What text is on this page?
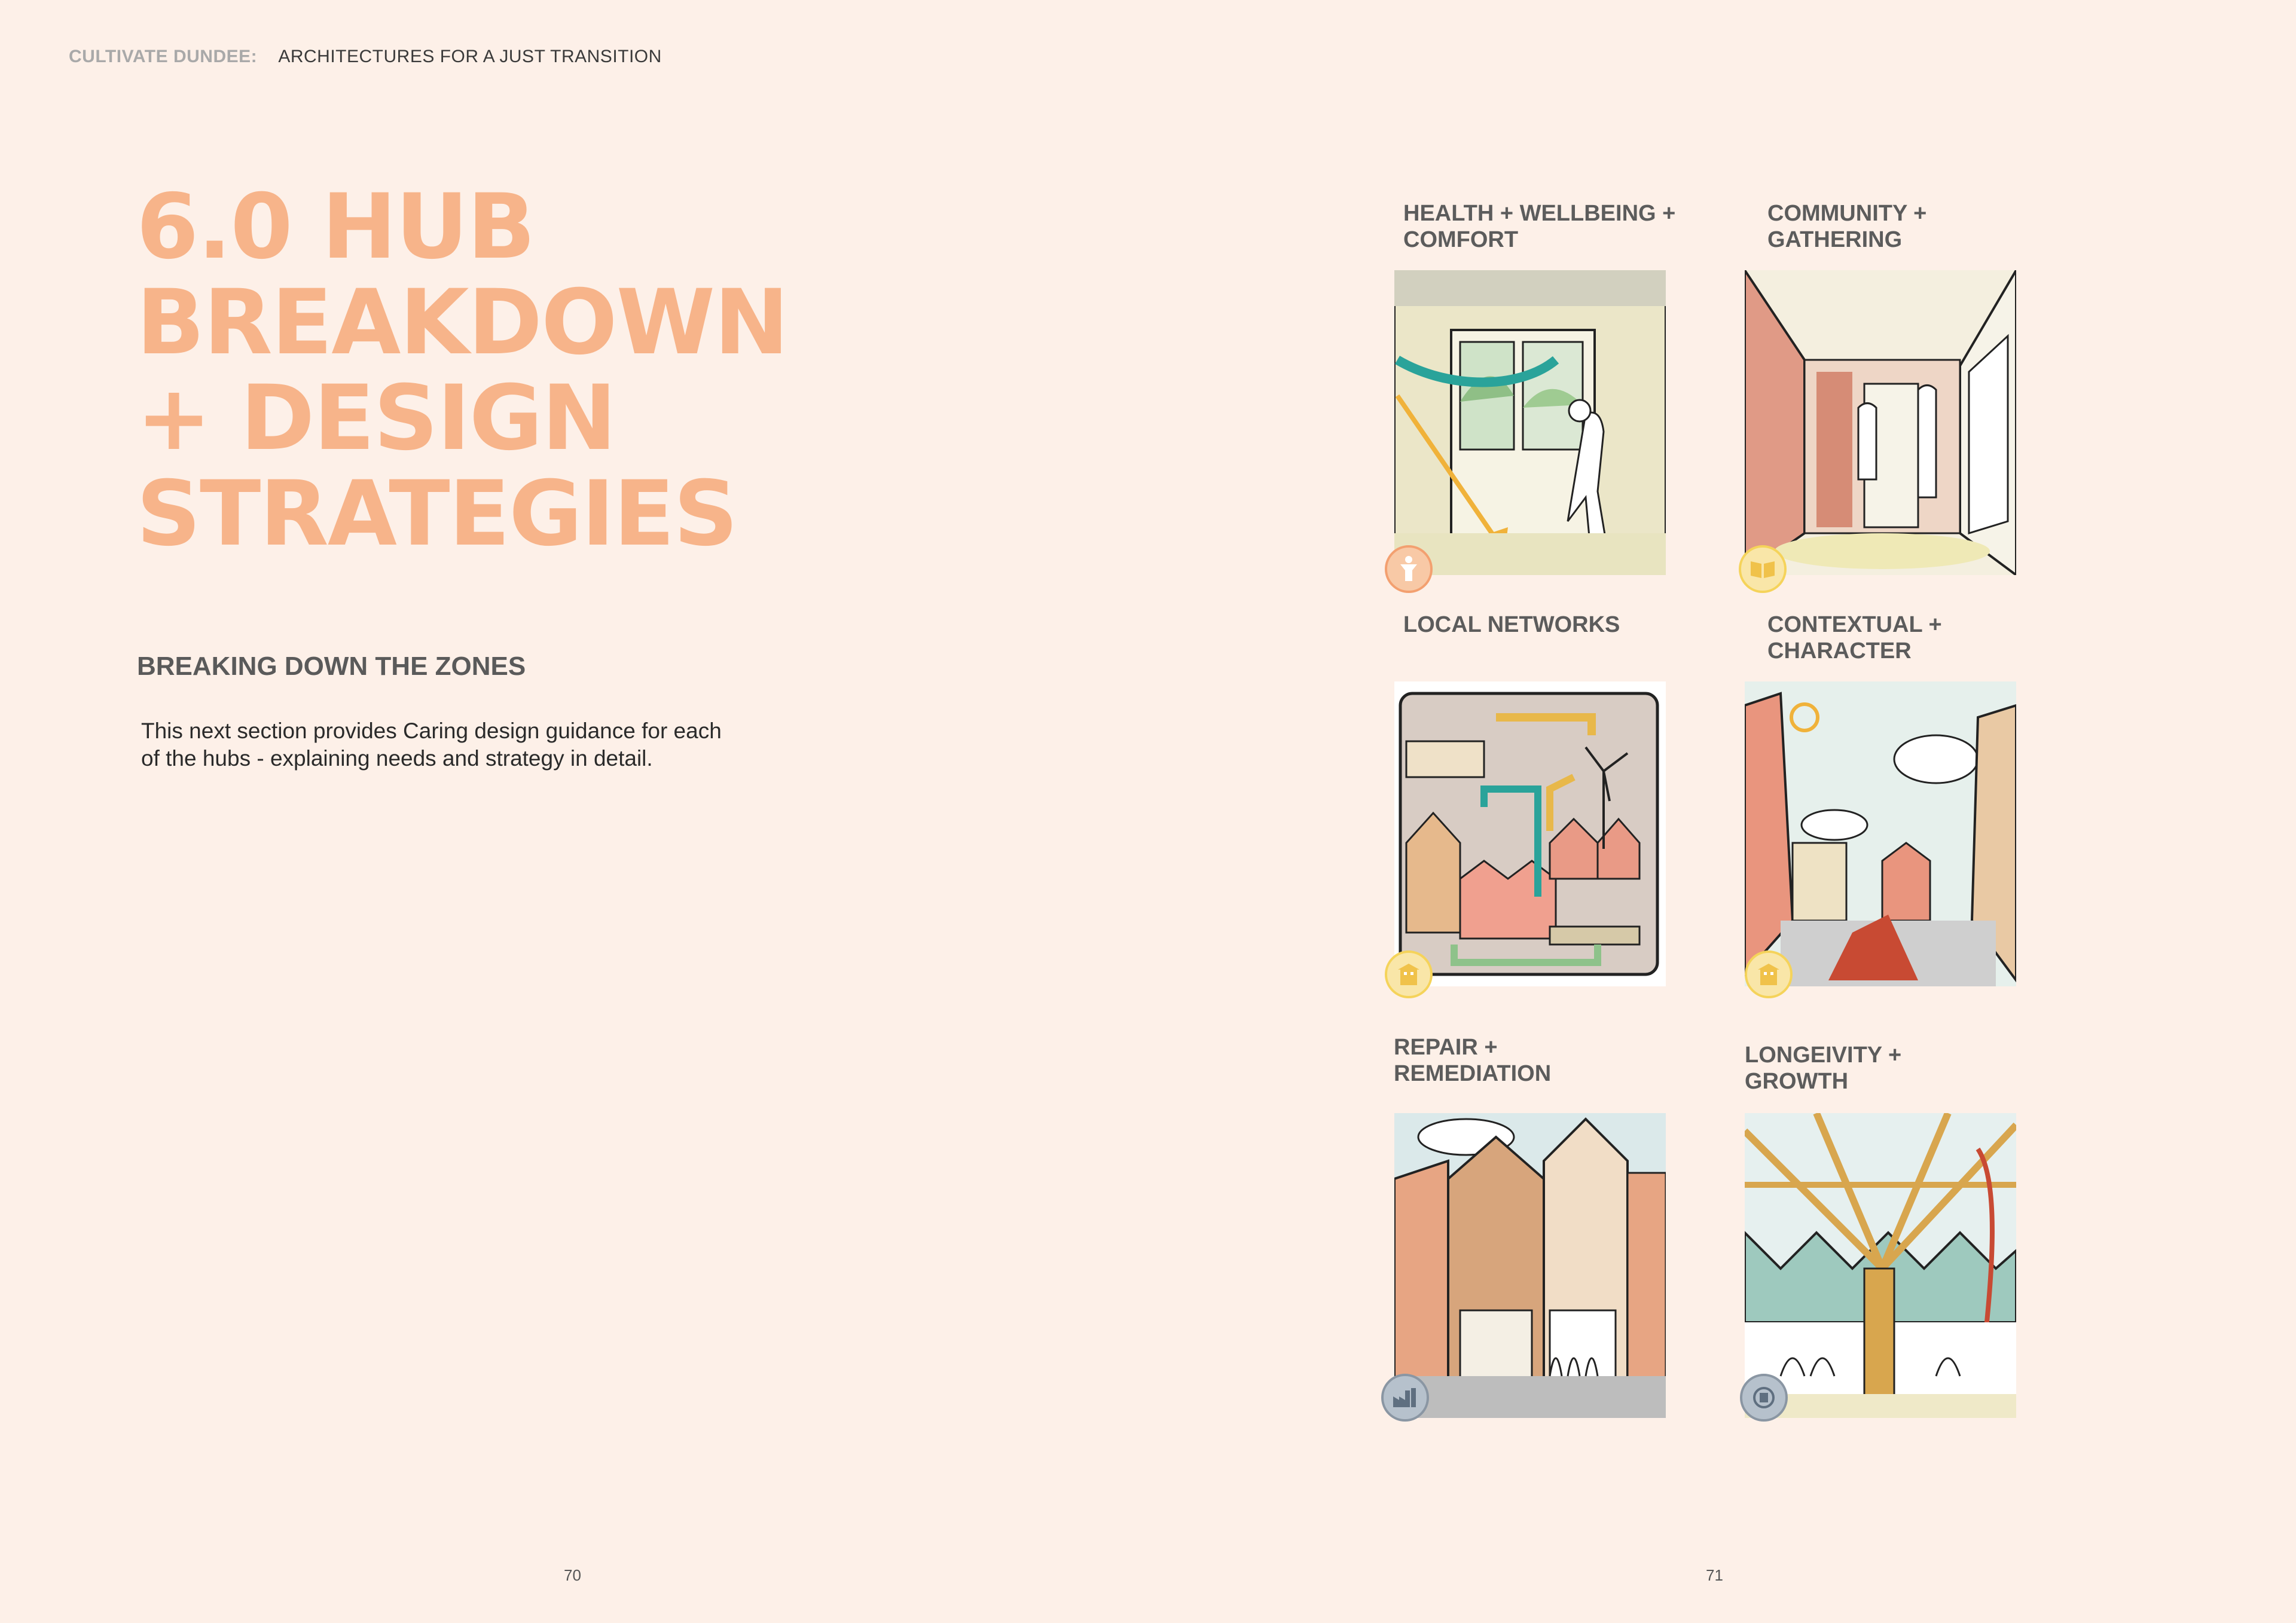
CULTIVATE DUNDEE: ARCHITECTURES FOR A JUST TRANSITION
6.0 HUB
BREAKDOWN
+ DESIGN
STRATEGIES
BREAKING DOWN THE ZONES

This next section provides Caring design guidance for each of the hubs - explaining needs and strategy in detail.

70	71
HEALTH + WELLBEING +
COMFORT
COMMUNITY +
GATHERING
LOCAL NETWORKS	CONTEXTUAL +
CHARACTER
REPAIR +
REMEDIATION
LONGEIVITY +
GROWTH
